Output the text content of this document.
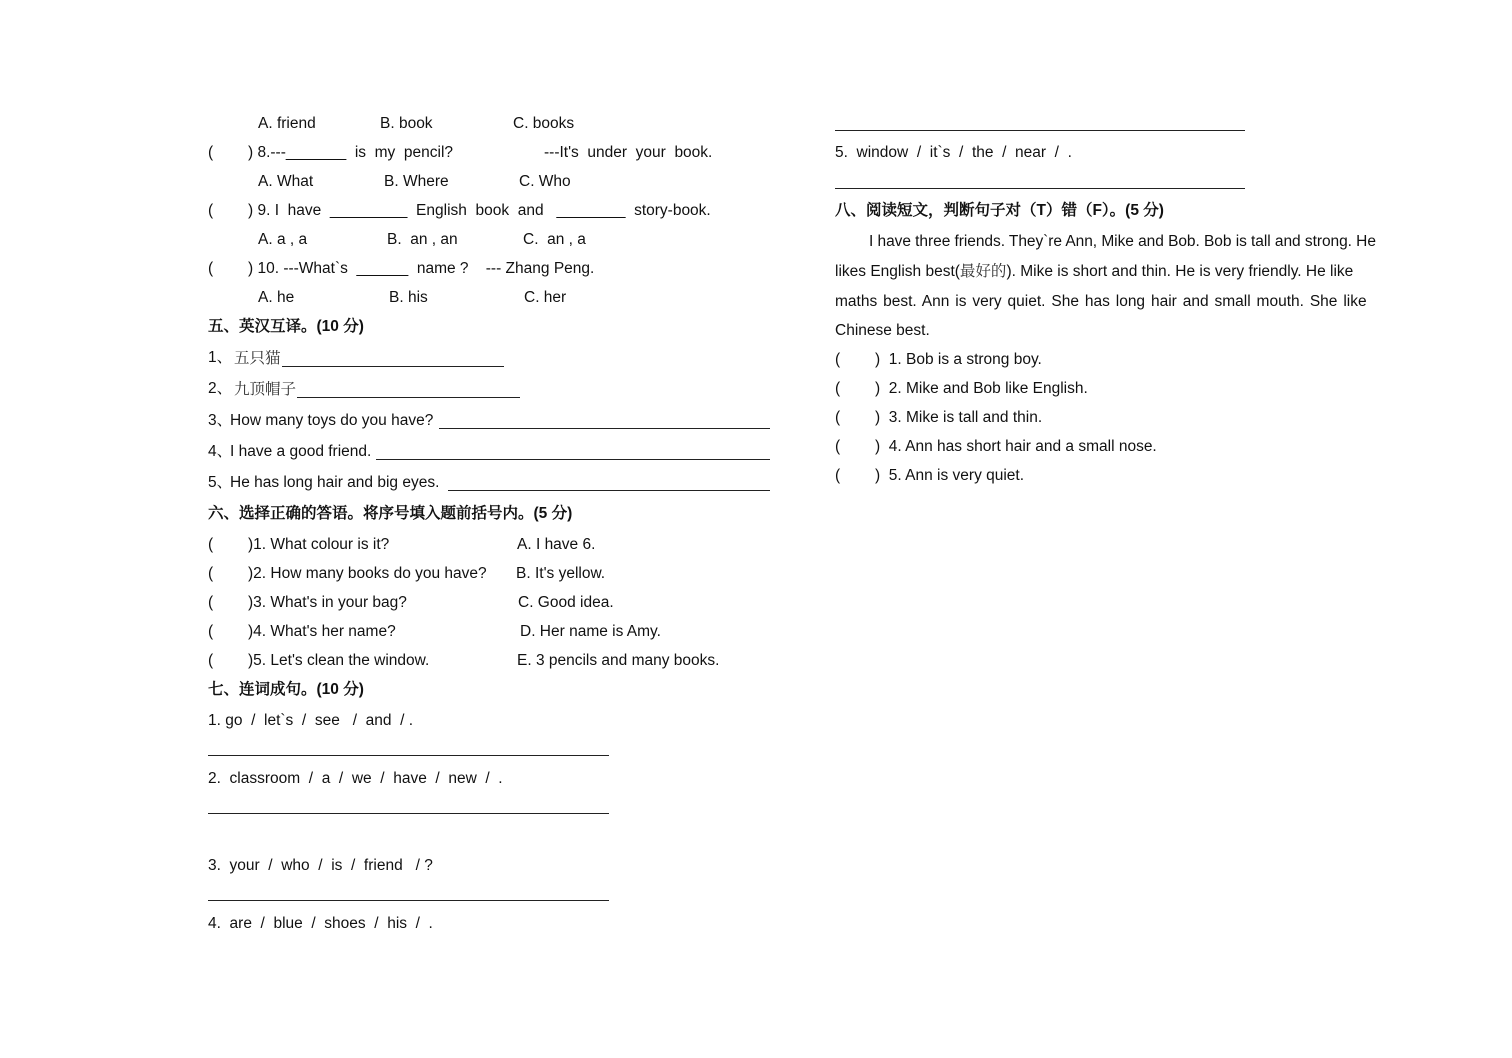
A. friend	B. book	C. books
( ) 8.---_______  is  my  pencil?	---It's  under  your  book.
A. What	B. Where	C. Who
( ) 9. I  have  _________  English  book  and   ________  story-book.
A. a , a	B.  an , an	C.  an , a
( ) 10. ---What`s  ______  name ?    --- Zhang Peng.
A. he	B. his	C. her
五、英汉互译。(10 分)
1、 五只猫
2、 九顶帽子
3、
How many toys do you have?
4、
I have a good friend.
5、
He has long hair and big eyes.
六、选择正确的答语。将序号填入题前括号内。(5 分)
( )1. What colour is it?	A. I have 6.
( )2. How many books do you have? B. It's yellow.
( )3. What's in your bag?	C. Good idea.
( )4. What's her name?	D. Her name is Amy.
( )5. Let's clean the window.	E. 3 pencils and many books.
七、连词成句。(10 分)
1. go  /  let`s  /  see   /  and  / .
2.  classroom  /  a  /  we  /  have  /  new  /  .
3.  your  /  who  /  is  /  friend   / ?
4.  are  /  blue  /  shoes  /  his  /  .
5.  window  /  it`s  /  the  /  near  /  .
八、阅读短文，判断句子对（T）错（F）。(5 分)
I have three friends. They`re Ann, Mike and Bob. Bob is tall and strong. He
likes English best(最好的). Mike is short and thin. He is very friendly. He like
maths best. Ann is very quiet. She has long hair and small mouth. She like
Chinese best.
( )  1. Bob is a strong boy.
( )  2. Mike and Bob like English.
( )  3. Mike is tall and thin.
( )  4. Ann has short hair and a small nose.
( )  5. Ann is very quiet.
